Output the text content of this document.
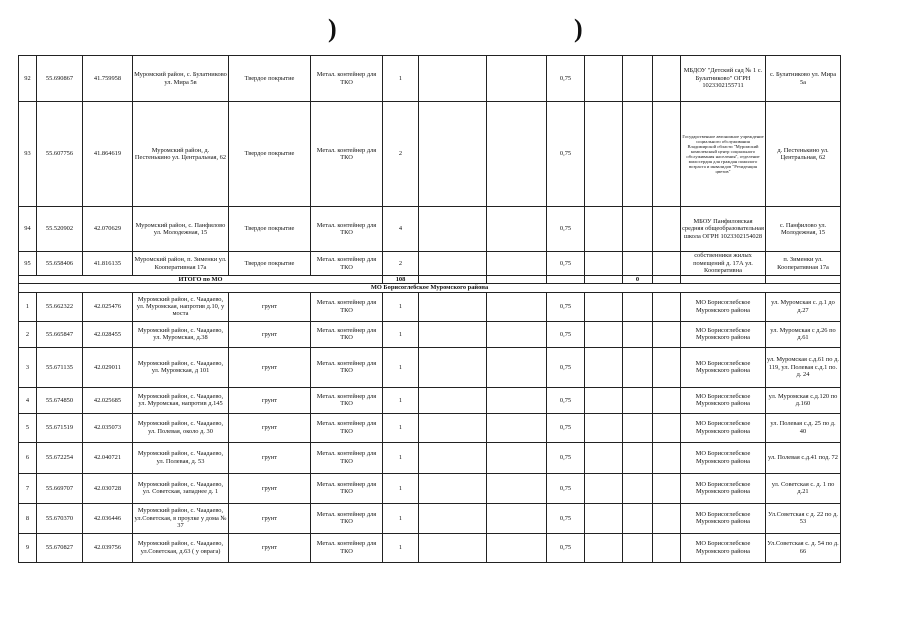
)	)
92	55.690867	41.759958	Муромский район, с. Булатниково ул. Мира 5в	Твердое покрытие	Метал. контейнер для ТКО	1			0,75				МБДОУ "Детский сад № 1 с. Булатниково" ОГРН 1023302155711	с. Булатниково ул. Мира 5а
93	55.607756	41.864619	Муромский район, д. Пестенькино ул. Центральная, 62	Твердое покрытие	Метал. контейнер для ТКО	2			0,75				Государственное автономное учреждение социального обслуживания Владимирской области "Муромский комплексный центр социального обслуживания населения", отделение милосердия для граждан пожилого возраста и инвалидов "Резиденция цветов"	д. Пестенькино ул. Центральная, 62
94	55.520902	42.070629	Муромский район, с. Панфилово ул. Молодежная, 15	Твердое покрытие	Метал. контейнер для ТКО	4			0,75				МБОУ Панфиловская средняя общеобразовательная школа ОГРН 1023302154028	с. Панфилово ул. Молодежная, 15
95	55.658406	41.816135	Муромский район, п. Зименки ул. Кооперативная 17а	Твердое покрытие	Метал. контейнер для ТКО	2			0,75				собственники жилых помещений д. 17А ул. Кооперативна	п. Зименки ул. Кооперативная 17а
ИТОГО по МО						108					0			
МО Борисоглебское Муромского района														
1	55.662322	42.025476	Муромский район, с. Чаадаево, ул. Муромская, напротив д.10, у моста	грунт	Метал. контейнер для ТКО	1			0,75				МО Борисоглебское Муромского района	ул. Муромская с. д.1 до д.27
2	55.665847	42.028455	Муромский район, с. Чаадаево, ул. Муромская, д.38	грунт	Метал. контейнер для ТКО	1			0,75				МО Борисоглебское Муромского района	ул. Муромская с д.26 по д.61
3	55.671135	42.029011	Муромский район, с. Чаадаево, ул. Муромская, д 101	грунт	Метал. контейнер для ТКО	1			0,75				МО Борисоглебское Муромского района	ул. Муромская с.д.61 по д. 119, ул. Полевая с.д.1 по. д. 24
4	55.674850	42.025685	Муромский район, с. Чаадаево, ул. Муромская, напротив д.145	грунт	Метал. контейнер для ТКО	1			0,75				МО Борисоглебское Муромского района	ул. Муромская с.д.120 по д.160
5	55.671519	42.035073	Муромский район, с. Чаадаево, ул. Полевая, около д. 30	грунт	Метал. контейнер для ТКО	1			0,75				МО Борисоглебское Муромского района	ул. Полевая с.д. 25 по д. 40
6	55.672254	42.040721	Муромский район, с. Чаадаево, ул. Полевая, д. 53	грунт	Метал. контейнер для ТКО	1			0,75				МО Борисоглебское Муромского района	ул. Полевая с.д.41 под. 72
7	55.669707	42.030728	Муромский район, с. Чаадаево, ул. Советская, западнее д. 1	грунт	Метал. контейнер для ТКО	1			0,75				МО Борисоглебское Муромского района	ул. Советская с. д. 1 по д.21
8	55.670370	42.036446	Муромский район, с. Чаадаево, ул.Советская, в проулке у дома № 37	грунт	Метал. контейнер для ТКО	1			0,75				МО Борисоглебское Муромского района	Ул.Советская с д. 22 по д. 53
9	55.670827	42.039756	Муромский район, с. Чаадаево, ул.Советская, д.63 ( у оврага)	грунт	Метал. контейнер для ТКО	1			0,75				МО Борисоглебское Муромского района	Ул.Советская с. д. 54 по д. 66
